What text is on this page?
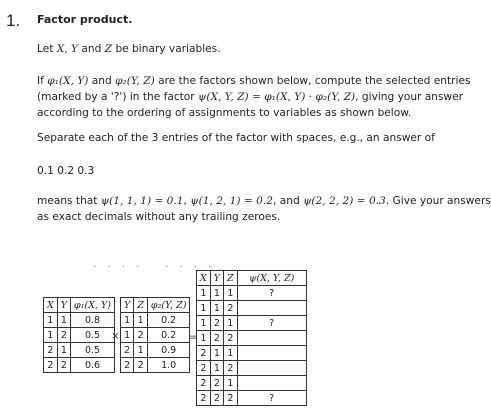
1. Factor product.
Let X, Y and Z be binary variables.
If φ₁(X, Y) and φ₂(Y, Z) are the factors shown below, compute the selected entries
(marked by a '?') in the factor ψ(X, Y, Z) = φ₁(X, Y) · φ₂(Y, Z), giving your answer
according to the ordering of assignments to variables as shown below.
Separate each of the 3 entries of the factor with spaces, e.g., an answer of
0.1 0.2 0.3
means that ψ(1, 1, 1) = 0.1, ψ(1, 2, 1) = 0.2, and ψ(2, 2, 2) = 0.3. Give your answers
as exact decimals without any trailing zeroes.
· · · · · · · ·
X	Y	φ₁(X, Y)
1	1	0.8
1	2	0.5
2	1	0.5
2	2	0.6
×
Y	Z	φ₂(Y, Z)
1	1	0.2
1	2	0.2
2	1	0.9
2	2	1.0
=
X	Y	Z	ψ(X, Y, Z)
1	1	1	?
1	1	2	
1	2	1	?
1	2	2	
2	1	1	
2	1	2	
2	2	1	
2	2	2	?
